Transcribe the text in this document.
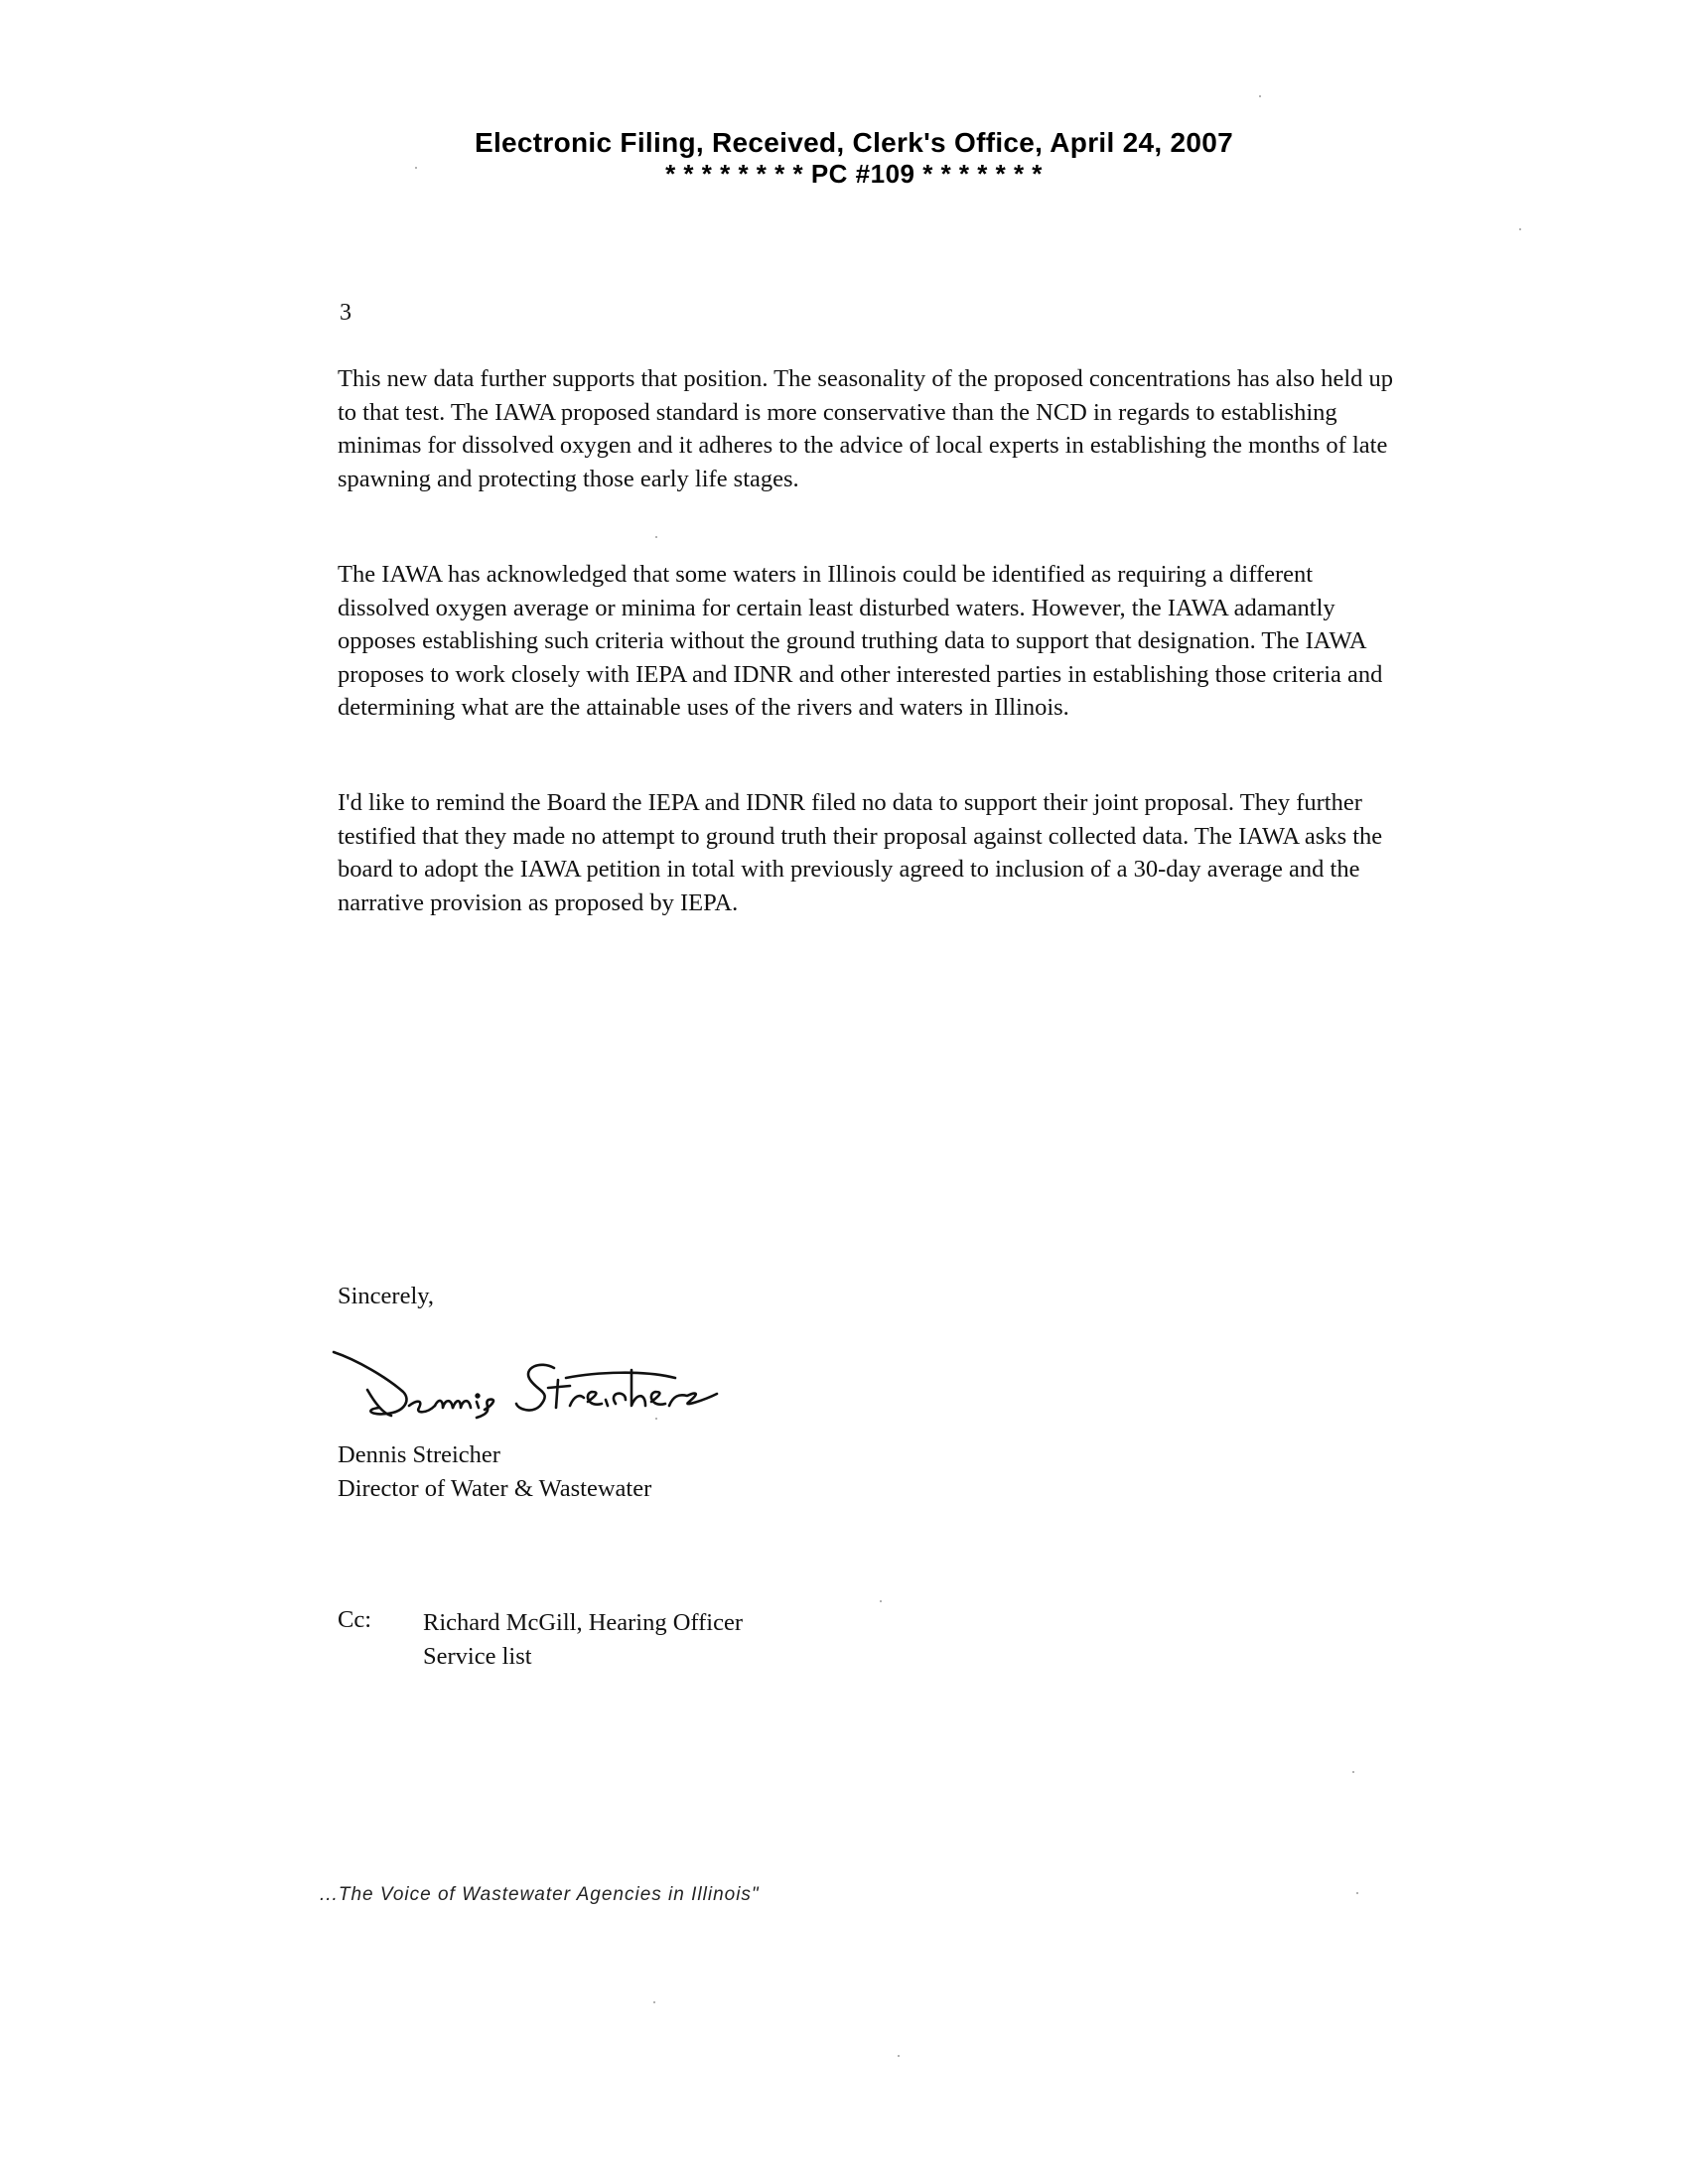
Electronic Filing, Received, Clerk's Office, April 24, 2007
* * * * * * * * PC #109 * * * * * * *
3

This new data further supports that position. The seasonality of the proposed concentrations has also held up to that test. The IAWA proposed standard is more conservative than the NCD in regards to establishing minimas for dissolved oxygen and it adheres to the advice of local experts in establishing the months of late spawning and protecting those early life stages.

The IAWA has acknowledged that some waters in Illinois could be identified as requiring a different dissolved oxygen average or minima for certain least disturbed waters. However, the IAWA adamantly opposes establishing such criteria without the ground truthing data to support that designation. The IAWA proposes to work closely with IEPA and IDNR and other interested parties in establishing those criteria and determining what are the attainable uses of the rivers and waters in Illinois.

I'd like to remind the Board the IEPA and IDNR filed no data to support their joint proposal. They further testified that they made no attempt to ground truth their proposal against collected data. The IAWA asks the board to adopt the IAWA petition in total with previously agreed to inclusion of a 30-day average and the narrative provision as proposed by IEPA.

Sincerely,
Dennis Streicher
Director of Water & Wastewater
Cc: Richard McGill, Hearing Officer
Service list
...The Voice of Wastewater Agencies in Illinois"
